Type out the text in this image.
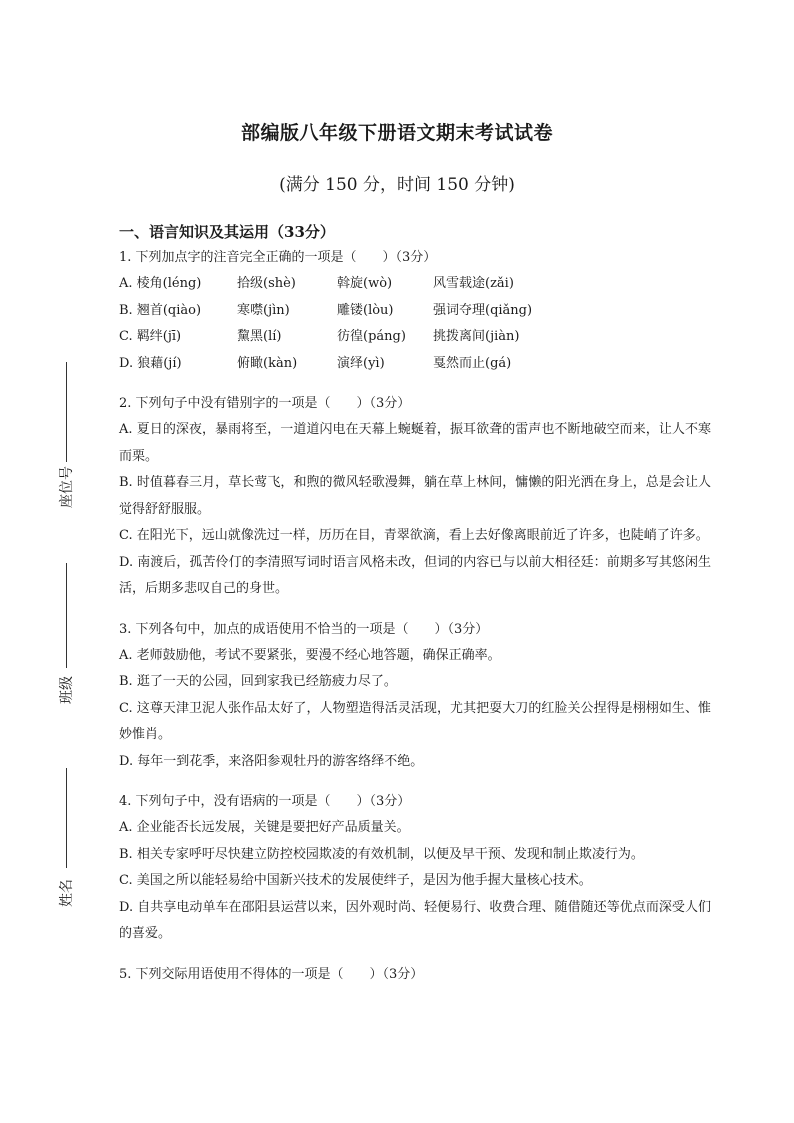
座位号
班级
姓名
部编版八年级下册语文期末考试试卷
(满分 150 分，时间 150 分钟)
一、语言知识及其运用（33分）
1. 下列加点字的注音完全正确的一项是（　　）（3分）
A. 棱角(léng)	拾级(shè)	斡旋(wò)	风雪载途(zǎi)
B. 翘首(qiào)	寒噤(jìn)	雕镂(lòu)	强词夺理(qiǎng)
C. 羁绊(jī)	黧黑(lí)	彷徨(páng)	挑拨离间(jiàn)
D. 狼藉(jí)	俯瞰(kàn)	演绎(yì)	戛然而止(gá)
2. 下列句子中没有错别字的一项是（　　）（3分）
A. 夏日的深夜，暴雨将至，一道道闪电在天幕上蜿蜒着，振耳欲聋的雷声也不断地破空而来，让人不寒而栗。
B. 时值暮春三月，草长莺飞，和煦的微风轻歌漫舞，躺在草上林间，慵懒的阳光洒在身上，总是会让人觉得舒舒服服。
C. 在阳光下，远山就像洗过一样，历历在目，青翠欲滴，看上去好像离眼前近了许多，也陡峭了许多。
D. 南渡后，孤苦伶仃的李清照写词时语言风格未改，但词的内容已与以前大相径廷：前期多写其悠闲生活，后期多悲叹自己的身世。
3. 下列各句中，加点的成语使用不恰当的一项是（　　）（3分）
A. 老师鼓励他，考试不要紧张，要漫不经心地答题，确保正确率。
B. 逛了一天的公园，回到家我已经筋疲力尽了。
C. 这尊天津卫泥人张作品太好了，人物塑造得活灵活现，尤其把耍大刀的红脸关公捏得是栩栩如生、惟妙惟肖。
D. 每年一到花季，来洛阳参观牡丹的游客络绎不绝。
4. 下列句子中，没有语病的一项是（　　）（3分）
A. 企业能否长远发展，关键是要把好产品质量关。
B. 相关专家呼吁尽快建立防控校园欺凌的有效机制，以便及早干预、发现和制止欺凌行为。
C. 美国之所以能轻易给中国新兴技术的发展使绊子，是因为他手握大量核心技术。
D. 自共享电动单车在邵阳县运营以来，因外观时尚、轻便易行、收费合理、随借随还等优点而深受人们的喜爱。
5. 下列交际用语使用不得体的一项是（　　）（3分）
